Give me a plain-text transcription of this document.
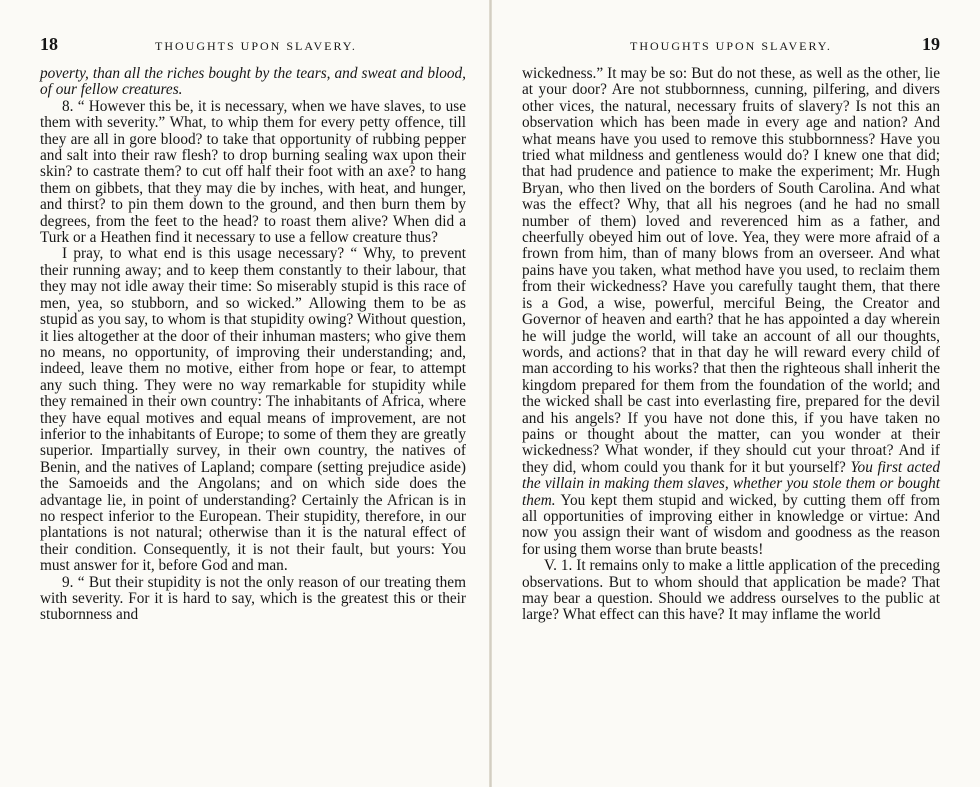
18	THOUGHTS UPON SLAVERY.

poverty, than all the riches bought by the tears, and sweat and blood, of our fellow creatures.

8. “ However this be, it is necessary, when we have slaves, to use them with severity.” What, to whip them for every petty offence, till they are all in gore blood? to take that opportunity of rubbing pepper and salt into their raw flesh? to drop burning sealing wax upon their skin? to castrate them? to cut off half their foot with an axe? to hang them on gibbets, that they may die by inches, with heat, and hunger, and thirst? to pin them down to the ground, and then burn them by degrees, from the feet to the head? to roast them alive? When did a Turk or a Heathen find it necessary to use a fellow creature thus?

I pray, to what end is this usage necessary? “ Why, to prevent their running away; and to keep them constantly to their labour, that they may not idle away their time: So miserably stupid is this race of men, yea, so stubborn, and so wicked.” Allowing them to be as stupid as you say, to whom is that stupidity owing? Without question, it lies altogether at the door of their inhuman masters; who give them no means, no opportunity, of improving their understanding; and, indeed, leave them no motive, either from hope or fear, to attempt any such thing. They were no way remarkable for stupidity while they remained in their own country: The inhabitants of Africa, where they have equal motives and equal means of improvement, are not inferior to the inhabitants of Europe; to some of them they are greatly superior. Impartially survey, in their own country, the natives of Benin, and the natives of Lapland; compare (setting prejudice aside) the Samoeids and the Angolans; and on which side does the advantage lie, in point of understanding? Certainly the African is in no respect inferior to the European. Their stupidity, therefore, in our plantations is not natural; otherwise than it is the natural effect of their condition. Consequently, it is not their fault, but yours: You must answer for it, before God and man.

9. “ But their stupidity is not the only reason of our treating them with severity. For it is hard to say, which is the greatest this or their stubornness and

THOUGHTS UPON SLAVERY.	19

wickedness.” It may be so: But do not these, as well as the other, lie at your door? Are not stubbornness, cunning, pilfering, and divers other vices, the natural, necessary fruits of slavery? Is not this an observation which has been made in every age and nation? And what means have you used to remove this stubbornness? Have you tried what mildness and gentleness would do? I knew one that did; that had prudence and patience to make the experiment; Mr. Hugh Bryan, who then lived on the borders of South Carolina. And what was the effect? Why, that all his negroes (and he had no small number of them) loved and reverenced him as a father, and cheerfully obeyed him out of love. Yea, they were more afraid of a frown from him, than of many blows from an overseer. And what pains have you taken, what method have you used, to reclaim them from their wickedness? Have you carefully taught them, that there is a God, a wise, powerful, merciful Being, the Creator and Governor of heaven and earth? that he has appointed a day wherein he will judge the world, will take an account of all our thoughts, words, and actions? that in that day he will reward every child of man according to his works? that then the righteous shall inherit the kingdom prepared for them from the foundation of the world; and the wicked shall be cast into everlasting fire, prepared for the devil and his angels? If you have not done this, if you have taken no pains or thought about the matter, can you wonder at their wickedness? What wonder, if they should cut your throat? And if they did, whom could you thank for it but yourself? You first acted the villain in making them slaves, whether you stole them or bought them. You kept them stupid and wicked, by cutting them off from all opportunities of improving either in knowledge or virtue: And now you assign their want of wisdom and goodness as the reason for using them worse than brute beasts!

V. 1. It remains only to make a little application of the preceding observations. But to whom should that application be made? That may bear a question. Should we address ourselves to the public at large? What effect can this have? It may inflame the world
